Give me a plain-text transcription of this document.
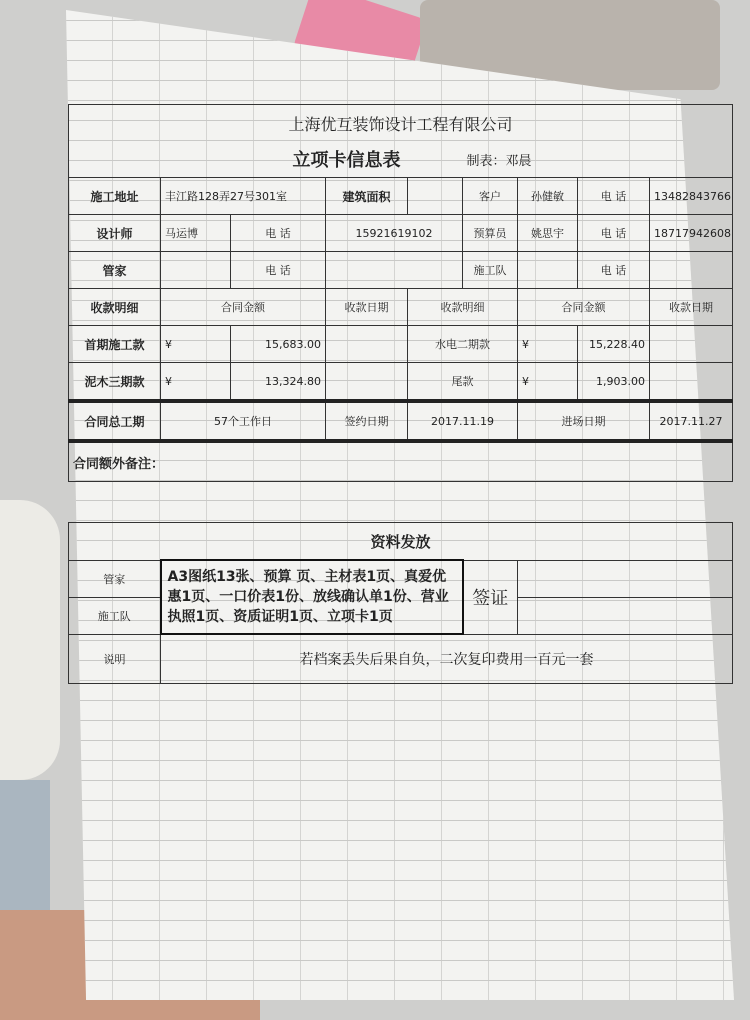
上海优互装饰设计工程有限公司								
		立项卡信息表			制表：邓晨			
施工地址	丰江路128弄27号301室		建筑面积		客户	孙健敏	电 话	13482843766
设计师	马运博	电 话	15921619102		预算员	姚思宇	电 话	18717942608
管家		电 话			施工队		电 话	
收款明细	合同金额		收款日期	收款明细		合同金额		收款日期
首期施工款	¥	15,683.00		水电二期款		¥	15,228.40	
泥木三期款	¥	13,324.80		尾款		¥	1,903.00	
合同总工期	57个工作日		签约日期	2017.11.19		进场日期		2017.11.27
合同额外备注：								

资料发放								
管家	A3图纸13张、预算 页、主材表1页、真爱优惠1页、一口价表1份、放线确认单1份、营业执照1页、资质证明1页、立项卡1页				签证			
施工队								
说明	若档案丢失后果自负，二次复印费用一百元一套							
